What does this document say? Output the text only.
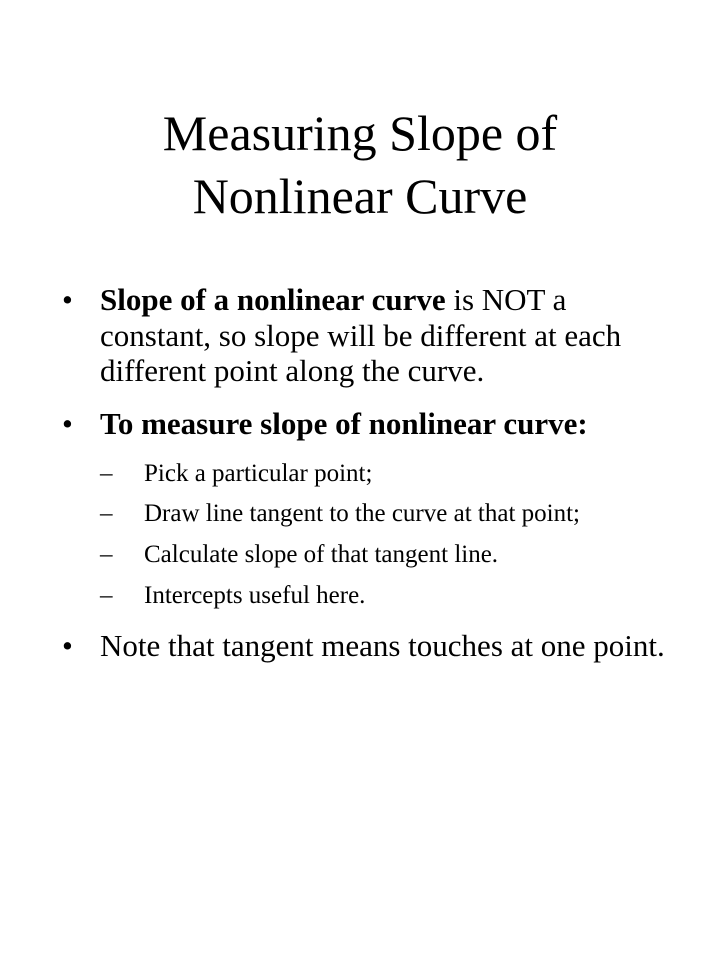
Measuring Slope of
Nonlinear Curve
• Slope of a nonlinear curve is NOT a constant, so slope will be different at each different point along the curve.
• To measure slope of nonlinear curve:
– Pick a particular point;
– Draw line tangent to the curve at that point;
– Calculate slope of that tangent line.
– Intercepts useful here.
• Note that tangent means touches at one point.
